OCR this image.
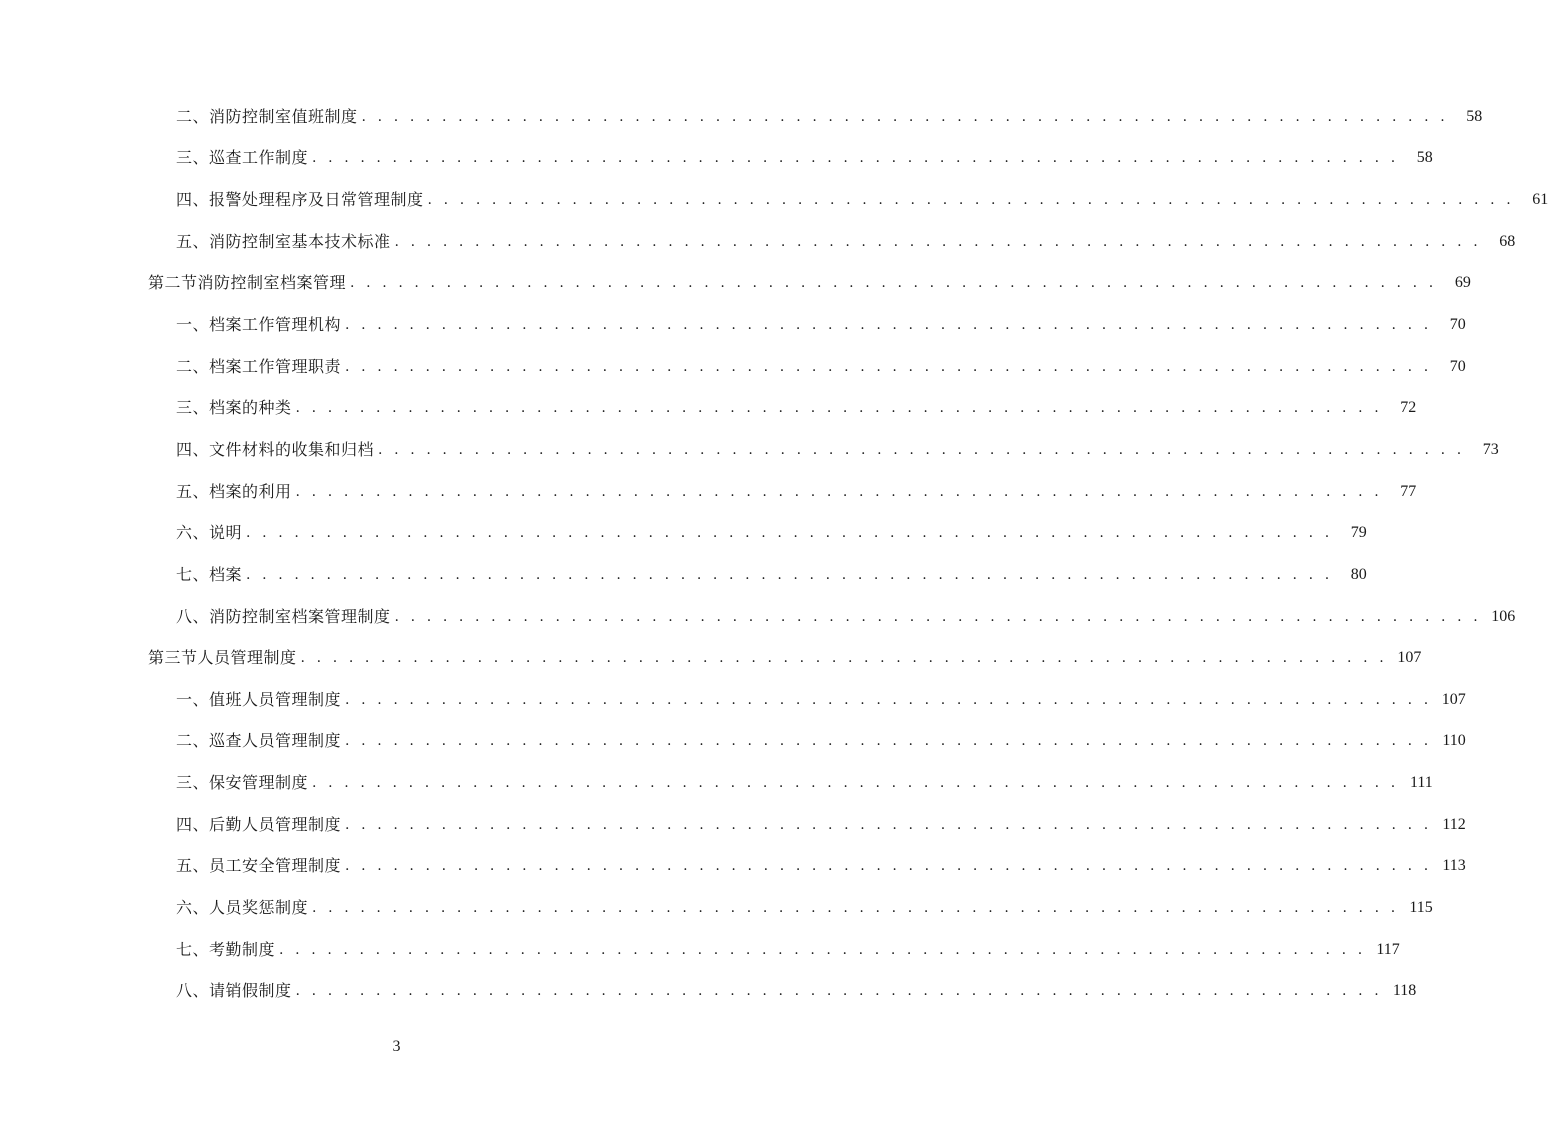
二、消防控制室值班制度 . . . . . . . . . . . . . . . . . . . . . . . . . . . . . . . . . . . . . . . . . . . . . . . . . . . . . . . . . . . . . . . . . . . .	58
三、巡查工作制度 . . . . . . . . . . . . . . . . . . . . . . . . . . . . . . . . . . . . . . . . . . . . . . . . . . . . . . . . . . . . . . . . . . . .	58
四、报警处理程序及日常管理制度 . . . . . . . . . . . . . . . . . . . . . . . . . . . . . . . . . . . . . . . . . . . . . . . . . . . . . . . . . . . . . . . . . . . .	61
五、消防控制室基本技术标准 . . . . . . . . . . . . . . . . . . . . . . . . . . . . . . . . . . . . . . . . . . . . . . . . . . . . . . . . . . . . . . . . . . . .	68
第二节 消防控制室档案管理 . . . . . . . . . . . . . . . . . . . . . . . . . . . . . . . . . . . . . . . . . . . . . . . . . . . . . . . . . . . . . . . . . . . .	69
一、档案工作管理机构 . . . . . . . . . . . . . . . . . . . . . . . . . . . . . . . . . . . . . . . . . . . . . . . . . . . . . . . . . . . . . . . . . . . .	70
二、档案工作管理职责 . . . . . . . . . . . . . . . . . . . . . . . . . . . . . . . . . . . . . . . . . . . . . . . . . . . . . . . . . . . . . . . . . . . .	70
三、档案的种类 . . . . . . . . . . . . . . . . . . . . . . . . . . . . . . . . . . . . . . . . . . . . . . . . . . . . . . . . . . . . . . . . . . . .	72
四、文件材料的收集和归档 . . . . . . . . . . . . . . . . . . . . . . . . . . . . . . . . . . . . . . . . . . . . . . . . . . . . . . . . . . . . . . . . . . . .	73
五、档案的利用 . . . . . . . . . . . . . . . . . . . . . . . . . . . . . . . . . . . . . . . . . . . . . . . . . . . . . . . . . . . . . . . . . . . .	77
六、说明 . . . . . . . . . . . . . . . . . . . . . . . . . . . . . . . . . . . . . . . . . . . . . . . . . . . . . . . . . . . . . . . . . . . .	79
七、档案 . . . . . . . . . . . . . . . . . . . . . . . . . . . . . . . . . . . . . . . . . . . . . . . . . . . . . . . . . . . . . . . . . . . .	80
八、消防控制室档案管理制度 . . . . . . . . . . . . . . . . . . . . . . . . . . . . . . . . . . . . . . . . . . . . . . . . . . . . . . . . . . . . . . . . . . . . 106
第三节 人员管理制度 . . . . . . . . . . . . . . . . . . . . . . . . . . . . . . . . . . . . . . . . . . . . . . . . . . . . . . . . . . . . . . . . . . . . 107
一、值班人员管理制度 . . . . . . . . . . . . . . . . . . . . . . . . . . . . . . . . . . . . . . . . . . . . . . . . . . . . . . . . . . . . . . . . . . . . 107
二、巡查人员管理制度 . . . . . . . . . . . . . . . . . . . . . . . . . . . . . . . . . . . . . . . . . . . . . . . . . . . . . . . . . . . . . . . . . . . . 110
三、保安管理制度 . . . . . . . . . . . . . . . . . . . . . . . . . . . . . . . . . . . . . . . . . . . . . . . . . . . . . . . . . . . . . . . . . . . . 111
四、后勤人员管理制度 . . . . . . . . . . . . . . . . . . . . . . . . . . . . . . . . . . . . . . . . . . . . . . . . . . . . . . . . . . . . . . . . . . . . 112
五、员工安全管理制度 . . . . . . . . . . . . . . . . . . . . . . . . . . . . . . . . . . . . . . . . . . . . . . . . . . . . . . . . . . . . . . . . . . . . 113
六、人员奖惩制度 . . . . . . . . . . . . . . . . . . . . . . . . . . . . . . . . . . . . . . . . . . . . . . . . . . . . . . . . . . . . . . . . . . . . 115
七、考勤制度 . . . . . . . . . . . . . . . . . . . . . . . . . . . . . . . . . . . . . . . . . . . . . . . . . . . . . . . . . . . . . . . . . . . . 117
八、请销假制度 . . . . . . . . . . . . . . . . . . . . . . . . . . . . . . . . . . . . . . . . . . . . . . . . . . . . . . . . . . . . . . . . . . . . 118
3
